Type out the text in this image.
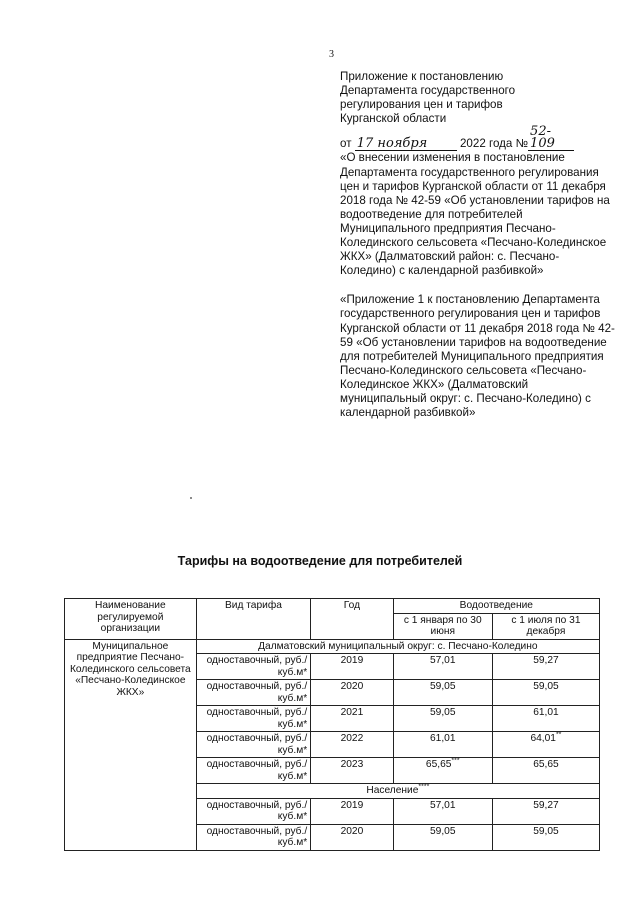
3

Приложение к постановлению

Департамента государственного

регулирования цен и тарифов

Курганской области

от 17 ноября	2022 года №52-109

«О внесении изменения в постановление Департамента государственного регулирования цен и тарифов Курганской области от 11 декабря 2018 года № 42-59 «Об установлении тарифов на водоотведение для потребителей Муниципального предприятия Песчано-Колединского сельсовета «Песчано-Колединское ЖКХ» (Далматовский район: с. Песчано-Коледино) с календарной разбивкой»

«Приложение 1 к постановлению Департамента государственного регулирования цен и тарифов Курганской области от 11 декабря 2018 года № 42-59 «Об установлении тарифов на водоотведение для потребителей Муниципального предприятия Песчано-Колединского сельсовета «Песчано-Колединское ЖКХ» (Далматовский муниципальный округ: с. Песчано-Коледино) с календарной разбивкой»

Тарифы на водоотведение для потребителей
Наименование регулируемой организации	Вид тарифа	Год	Водоотведение	
			с 1 января по 30 июня	с 1 июля по 31 декабря
Муниципальное предприятие Песчано-Колединского сельсовета «Песчано-Колединское ЖКХ»	Далматовский муниципальный округ: с. Песчано-Коледино			
	одноставочный, руб./куб.м*	2019	57,01	59,27
	одноставочный, руб./куб.м*	2020	59,05	59,05
	одноставочный, руб./куб.м*	2021	59,05	61,01
	одноставочный, руб./куб.м*	2022	61,01	64,01**
	одноставочный, руб./куб.м*	2023	65,65***	65,65
	Население****
	одноставочный, руб./куб.м*	2019	57,01	59,27
	одноставочный, руб./куб.м*	2020	59,05	59,05
